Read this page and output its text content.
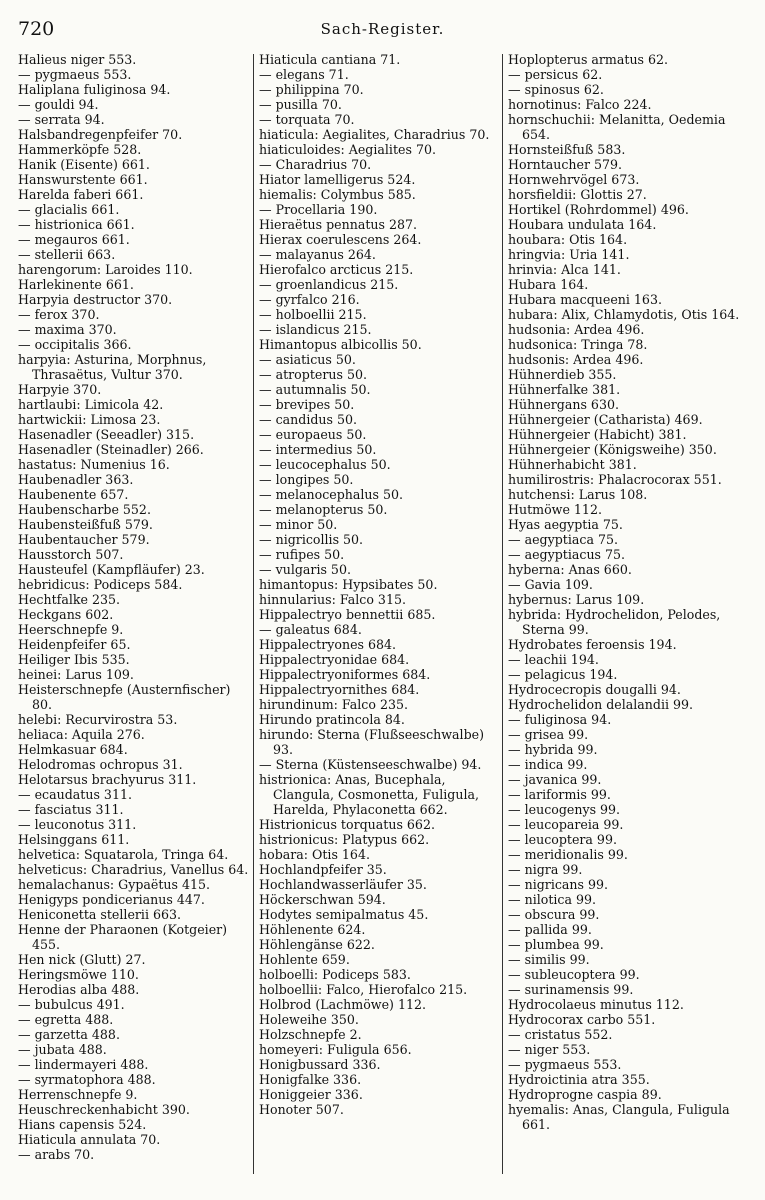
720	Sach-Register.
Halieus niger 553.
— pygmaeus 553.
Haliplana fuliginosa 94.
— gouldi 94.
— serrata 94.
Halsbandregenpfeifer 70.
Hammerköpfe 528.
Hanik (Eisente) 661.
Hanswurstente 661.
Harelda faberi 661.
— glacialis 661.
— histrionica 661.
— megauros 661.
— stellerii 663.
harengorum: Laroides 110.
Harlekinente 661.
Harpyia destructor 370.
— ferox 370.
— maxima 370.
— occipitalis 366.
harpyia: Asturina, Morphnus, Thrasaëtus, Vultur 370.
Harpyie 370.
hartlaubi: Limicola 42.
hartwickii: Limosa 23.
Hasenadler (Seeadler) 315.
Hasenadler (Steinadler) 266.
hastatus: Numenius 16.
Haubenadler 363.
Haubenente 657.
Haubenscharbe 552.
Haubensteißfuß 579.
Haubentaucher 579.
Hausstorch 507.
Hausteufel (Kampfläufer) 23.
hebridicus: Podiceps 584.
Hechtfalke 235.
Heckgans 602.
Heerschnepfe 9.
Heidenpfeifer 65.
Heiliger Ibis 535.
heinei: Larus 109.
Heisterschnepfe (Austernfischer) 80.
helebi: Recurvirostra 53.
heliaca: Aquila 276.
Helmkasuar 684.
Helodromas ochropus 31.
Helotarsus brachyurus 311.
— ecaudatus 311.
— fasciatus 311.
— leuconotus 311.
Helsinggans 611.
helvetica: Squatarola, Tringa 64.
helveticus: Charadrius, Vanellus 64.
hemalachanus: Gypaëtus 415.
Henigyps pondicerianus 447.
Heniconetta stellerii 663.
Henne der Pharaonen (Kotgeier) 455.
Hen nick (Glutt) 27.
Heringsmöwe 110.
Herodias alba 488.
— bubulcus 491.
— egretta 488.
— garzetta 488.
— jubata 488.
— lindermayeri 488.
— syrmatophora 488.
Herrenschnepfe 9.
Heuschreckenhabicht 390.
Hians capensis 524.
Hiaticula annulata 70.
— arabs 70.
Hiaticula cantiana 71.
— elegans 71.
— philippina 70.
— pusilla 70.
— torquata 70.
hiaticula: Aegialites, Charadrius 70.
hiaticuloides: Aegialites 70.
— Charadrius 70.
Hiator lamelligerus 524.
hiemalis: Colymbus 585.
— Procellaria 190.
Hieraëtus pennatus 287.
Hierax coerulescens 264.
— malayanus 264.
Hierofalco arcticus 215.
— groenlandicus 215.
— gyrfalco 216.
— holboellii 215.
— islandicus 215.
Himantopus albicollis 50.
— asiaticus 50.
— atropterus 50.
— autumnalis 50.
— brevipes 50.
— candidus 50.
— europaeus 50.
— intermedius 50.
— leucocephalus 50.
— longipes 50.
— melanocephalus 50.
— melanopterus 50.
— minor 50.
— nigricollis 50.
— rufipes 50.
— vulgaris 50.
himantopus: Hypsibates 50.
hinnularius: Falco 315.
Hippalectryo bennettii 685.
— galeatus 684.
Hippalectryones 684.
Hippalectryonidae 684.
Hippalectryoniformes 684.
Hippalectryornithes 684.
hirundinum: Falco 235.
Hirundo pratincola 84.
hirundo: Sterna (Flußseeschwalbe) 93.
— Sterna (Küstenseeschwalbe) 94.
histrionica: Anas, Bucephala, Clangula, Cosmonetta, Fuligula, Harelda, Phylaconetta 662.
Histrionicus torquatus 662.
histrionicus: Platypus 662.
hobara: Otis 164.
Hochlandpfeifer 35.
Hochlandwasserläufer 35.
Höckerschwan 594.
Hodytes semipalmatus 45.
Höhlenente 624.
Höhlengänse 622.
Hohlente 659.
holboelli: Podiceps 583.
holboellii: Falco, Hierofalco 215.
Holbrod (Lachmöwe) 112.
Holeweihe 350.
Holzschnepfe 2.
homeyeri: Fuligula 656.
Honigbussard 336.
Honigfalke 336.
Honiggeier 336.
Honoter 507.
Hoplopterus armatus 62.
— persicus 62.
— spinosus 62.
hornotinus: Falco 224.
hornschuchii: Melanitta, Oedemia 654.
Hornsteißfuß 583.
Horntaucher 579.
Hornwehrvögel 673.
horsfieldii: Glottis 27.
Hortikel (Rohrdommel) 496.
Houbara undulata 164.
houbara: Otis 164.
hringvia: Uria 141.
hrinvia: Alca 141.
Hubara 164.
Hubara macqueeni 163.
hubara: Alix, Chlamydotis, Otis 164.
hudsonia: Ardea 496.
hudsonica: Tringa 78.
hudsonis: Ardea 496.
Hühnerdieb 355.
Hühnerfalke 381.
Hühnergans 630.
Hühnergeier (Catharista) 469.
Hühnergeier (Habicht) 381.
Hühnergeier (Königsweihe) 350.
Hühnerhabicht 381.
humilirostris: Phalacrocorax 551.
hutchensi: Larus 108.
Hutmöwe 112.
Hyas aegyptia 75.
— aegyptiaca 75.
— aegyptiacus 75.
hyberna: Anas 660.
— Gavia 109.
hybernus: Larus 109.
hybrida: Hydrochelidon, Pelodes, Sterna 99.
Hydrobates feroensis 194.
— leachii 194.
— pelagicus 194.
Hydrocecropis dougalli 94.
Hydrochelidon delalandii 99.
— fuliginosa 94.
— grisea 99.
— hybrida 99.
— indica 99.
— javanica 99.
— lariformis 99.
— leucogenys 99.
— leucopareia 99.
— leucoptera 99.
— meridionalis 99.
— nigra 99.
— nigricans 99.
— nilotica 99.
— obscura 99.
— pallida 99.
— plumbea 99.
— similis 99.
— subleucoptera 99.
— surinamensis 99.
Hydrocolaeus minutus 112.
Hydrocorax carbo 551.
— cristatus 552.
— niger 553.
— pygmaeus 553.
Hydroictinia atra 355.
Hydroprogne caspia 89.
hyemalis: Anas, Clangula, Fuligula 661.
